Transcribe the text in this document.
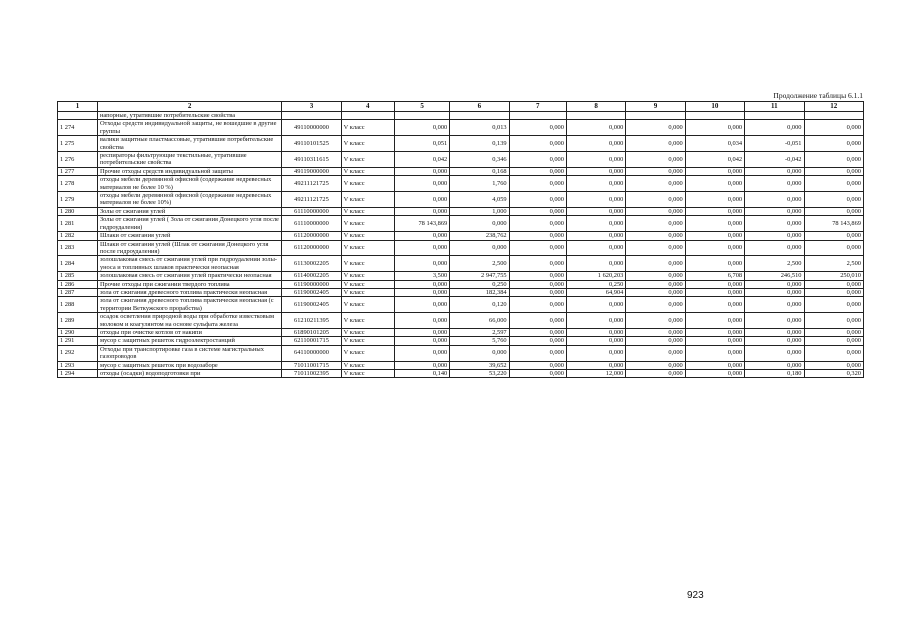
Продолжение таблицы 6.1.1
1	2	3	4	5	6	7	8	9	10	11	12
	напорные, утратившие потребительские свойства										
1 274	Отходы средств индивидуальной защиты, не вошедшие в другие группы	49110000000	V класс	0,000	0,013	0,000	0,000	0,000	0,000	0,000	0,000
1 275	валики защитные пластмассовые, утратившие потребительские свойства	49110101525	V класс	0,051	0,139	0,000	0,000	0,000	0,034	-0,051	0,000
1 276	респираторы фильтрующие текстильные, утратившие потребительские свойства	49110311615	V класс	0,042	0,346	0,000	0,000	0,000	0,042	-0,042	0,000
1 277	Прочие отходы средств индивидуальной защиты	49119000000	V класс	0,000	0,168	0,000	0,000	0,000	0,000	0,000	0,000
1 278	отходы мебели деревянной офисной (содержание недревесных материалов не более 10 %)	49211121725	V класс	0,000	1,760	0,000	0,000	0,000	0,000	0,000	0,000
1 279	отходы мебели деревянной офисной (содержание недревесных материалов не более 10%)	49211121725	V класс	0,000	4,059	0,000	0,000	0,000	0,000	0,000	0,000
1 280	Золы от сжигания углей	61110000000	V класс	0,000	1,000	0,000	0,000	0,000	0,000	0,000	0,000
1 281	Золы от сжигания углей ( Зола от сжигания Донецкого угля после гидроудаления)	61110000000	V класс	78 143,869	0,000	0,000	0,000	0,000	0,000	0,000	78 143,869
1 282	Шлаки от сжигания углей	61120000000	V класс	0,000	238,762	0,000	0,000	0,000	0,000	0,000	0,000
1 283	Шлаки от сжигания углей (Шлак от сжигания Донецкого угля после гидроудаления)	61120000000	V класс	0,000	0,000	0,000	0,000	0,000	0,000	0,000	0,000
1 284	золошлаковая смесь от сжигания углей при гидроудалении золы-уноса и топливных шлаков практически неопасная	61130002205	V класс	0,000	2,500	0,000	0,000	0,000	0,000	2,500	2,500
1 285	золошлаковая смесь от сжигания углей практически неопасная	61140002205	V класс	3,500	2 947,755	0,000	1 620,203	0,000	6,708	246,510	250,010
1 286	Прочие отходы при сжигании твердого топлива	61190000000	V класс	0,000	0,250	0,000	0,250	0,000	0,000	0,000	0,000
1 287	зола от сжигания древесного топлива практически неопасная	61190002405	V класс	0,000	182,384	0,000	64,904	0,000	0,000	0,000	0,000
1 288	зола от сжигания древесного топлива практически неопасная (с территории Веткужского прорабства)	61190002405	V класс	0,000	0,120	0,000	0,000	0,000	0,000	0,000	0,000
1 289	осадок осветления природной воды при обработке известковым молоком и коагулянтом на основе сульфата железа	61210211395	V класс	0,000	66,000	0,000	0,000	0,000	0,000	0,000	0,000
1 290	отходы при очистке котлов от накипи	61890101205	V класс	0,000	2,597	0,000	0,000	0,000	0,000	0,000	0,000
1 291	мусор с защитных решеток гидроэлектростанций	62110001715	V класс	0,000	5,760	0,000	0,000	0,000	0,000	0,000	0,000
1 292	Отходы при транспортировке газа в системе магистральных газопроводов	64110000000	V класс	0,000	0,000	0,000	0,000	0,000	0,000	0,000	0,000
1 293	мусор с защитных решеток при водозаборе	71011001715	V класс	0,000	39,652	0,000	0,000	0,000	0,000	0,000	0,000
1 294	отходы (осадки) водоподготовки при	71011002395	V класс	0,140	53,220	0,000	12,000	0,000	0,000	0,180	0,320
923
